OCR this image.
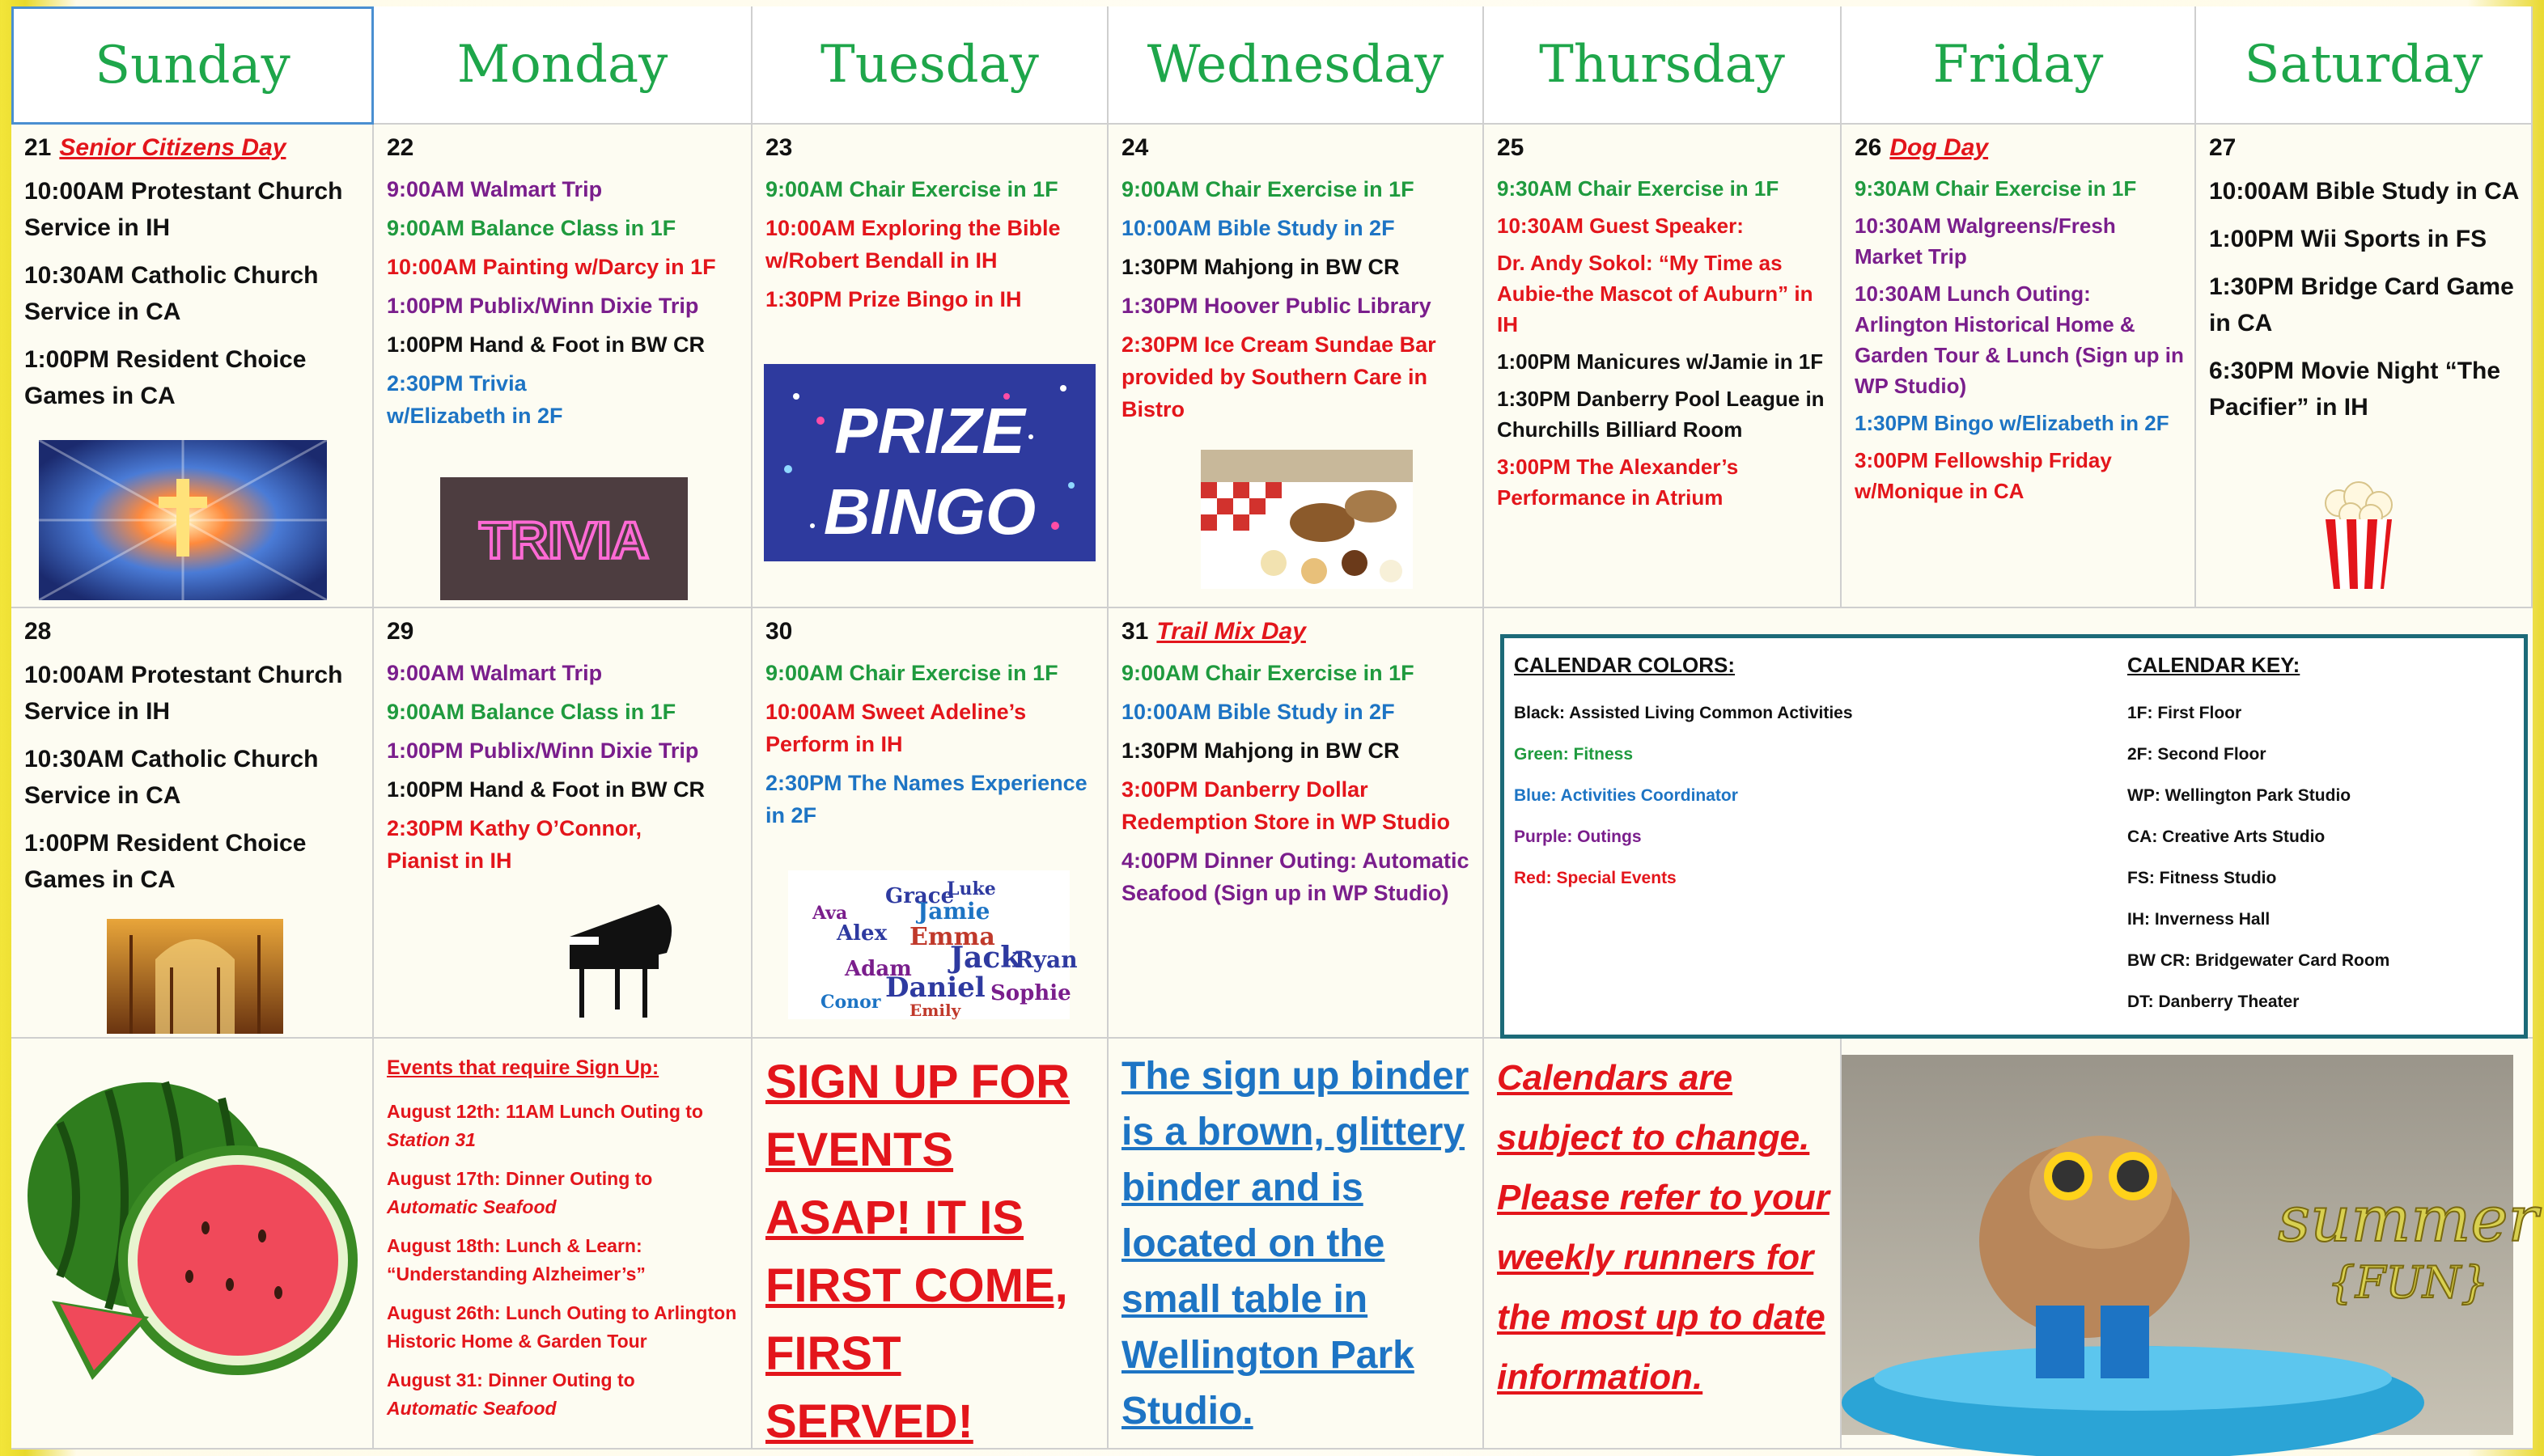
Sunday	Monday	Tuesday Wednesday Thursday	Friday	Saturday
21 Senior Citizens Day
10:00AM Protestant Church Service in IH
10:30AM Catholic Church Service in CA
1:00PM Resident Choice Games in CA
22
9:00AM Walmart Trip
9:00AM Balance Class in 1F
10:00AM Painting w/Darcy in 1F
1:00PM Publix/Winn Dixie Trip
1:00PM Hand & Foot in BW CR
2:30PM Trivia w/Elizabeth in 2F
TRIVIA
23
9:00AM Chair Exercise in 1F
10:00AM Exploring the Bible w/Robert Bendall in IH
1:30PM Prize Bingo in IH
PRIZE
BINGO
24
9:00AM Chair Exercise in 1F
10:00AM Bible Study in 2F
1:30PM Mahjong in BW CR
1:30PM Hoover Public Library
2:30PM Ice Cream Sundae Bar provided by Southern Care in Bistro
25
9:30AM Chair Exercise in 1F
10:30AM Guest Speaker:
Dr. Andy Sokol: “My Time as Aubie-the Mascot of Auburn” in IH
1:00PM Manicures w/Jamie in 1F
1:30PM Danberry Pool League in Churchills Billiard Room
3:00PM The Alexander’s Performance in Atrium
26 Dog Day
9:30AM Chair Exercise in 1F
10:30AM Walgreens/Fresh Market Trip
10:30AM Lunch Outing: Arlington Historical Home & Garden Tour & Lunch (Sign up in WP Studio)
1:30PM Bingo w/Elizabeth in 2F
3:00PM Fellowship Friday w/Monique in CA
27
10:00AM Bible Study in CA
1:00PM Wii Sports in FS
1:30PM Bridge Card Game in CA
6:30PM Movie Night “The Pacifier” in IH
28
10:00AM Protestant Church Service in IH
10:30AM Catholic Church Service in CA
1:00PM Resident Choice Games in CA
29
9:00AM Walmart Trip
9:00AM Balance Class in 1F
1:00PM Publix/Winn Dixie Trip
1:00PM Hand & Foot in BW CR
2:30PM Kathy O’Connor, Pianist in IH
30
9:00AM Chair Exercise in 1F
10:00AM Sweet Adeline’s Perform in IH
2:30PM The Names Experience in 2F
Grace
Luke
Ava	Jamie
Alex Emma
Jack
Ryan
Adam
Daniel
Conor	Sophie
Emily
31 Trail Mix Day
9:00AM Chair Exercise in 1F
10:00AM Bible Study in 2F
1:30PM Mahjong in BW CR
3:00PM Danberry Dollar Redemption Store in WP Studio
4:00PM Dinner Outing: Automatic Seafood (Sign up in WP Studio)
Events that require Sign Up:
August 12th: 11AM Lunch Outing to
Station 31
August 17th: Dinner Outing to
Automatic Seafood
August 18th: Lunch & Learn: “Understanding Alzheimer’s”
August 26th: Lunch Outing to Arlington Historic Home & Garden Tour
August 31: Dinner Outing to
Automatic Seafood
SIGN UP FOR EVENTS ASAP! IT IS FIRST COME, FIRST SERVED!
The sign up binder is a brown, glittery binder and is located on the small table in Wellington Park Studio.
Calendars are subject to change. Please refer to your weekly runners for the most up to date information.
summer
{FUN}
CALENDAR COLORS:
Black: Assisted Living Common Activities
Green: Fitness
Blue: Activities Coordinator
Purple: Outings
Red: Special Events
CALENDAR KEY:
1F: First Floor
2F: Second Floor
WP: Wellington Park Studio
CA: Creative Arts Studio
FS: Fitness Studio
IH: Inverness Hall
BW CR: Bridgewater Card Room
DT: Danberry Theater
